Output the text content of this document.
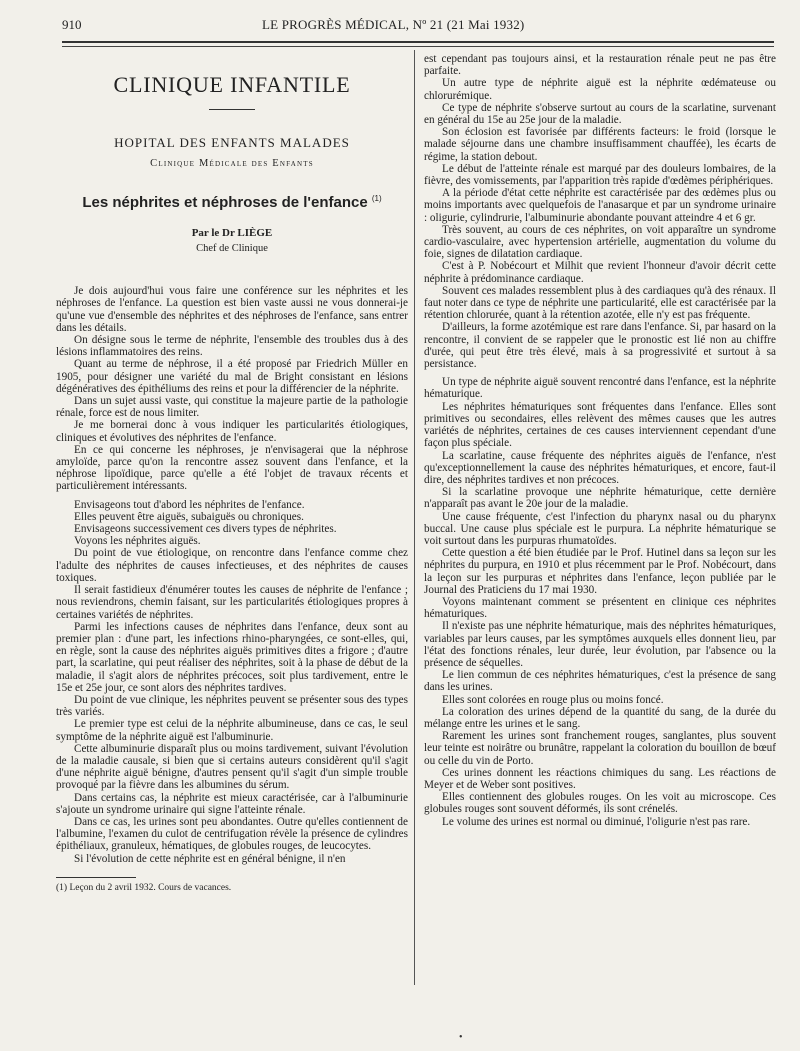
910	LE PROGRÈS MÉDICAL, Nº 21 (21 Mai 1932)
CLINIQUE INFANTILE
HOPITAL DES ENFANTS MALADES
Clinique Médicale des Enfants
Les néphrites et néphroses de l'enfance $^{(1)}$
Par le Dr LIÈGE
Chef de Clinique

Je dois aujourd'hui vous faire une conférence sur les néphrites et les néphroses de l'enfance. La question est bien vaste aussi ne vous donnerai-je qu'une vue d'ensemble des néphrites et des néphroses de l'enfance, sans entrer dans les détails.

On désigne sous le terme de néphrite, l'ensemble des troubles dus à des lésions inflammatoires des reins.

Quant au terme de néphrose, il a été proposé par Friedrich Müller en 1905, pour désigner une variété du mal de Bright consistant en lésions dégénératives des épithéliums des reins et pour la différencier de la néphrite.

Dans un sujet aussi vaste, qui constitue la majeure partie de la pathologie rénale, force est de nous limiter.

Je me bornerai donc à vous indiquer les particularités étiologiques, cliniques et évolutives des néphrites de l'enfance.

En ce qui concerne les néphroses, je n'envisagerai que la néphrose amyloïde, parce qu'on la rencontre assez souvent dans l'enfance, et la néphrose lipoïdique, parce qu'elle a été l'objet de travaux récents et particulièrement intéressants.

Envisageons tout d'abord les néphrites de l'enfance.

Elles peuvent être aiguës, subaiguës ou chroniques.

Envisageons successivement ces divers types de néphrites.

Voyons les néphrites aiguës.

Du point de vue étiologique, on rencontre dans l'enfance comme chez l'adulte des néphrites de causes infectieuses, et des néphrites de causes toxiques.

Il serait fastidieux d'énumérer toutes les causes de néphrite de l'enfance ; nous reviendrons, chemin faisant, sur les particularités étiologiques propres à certaines variétés de néphrites.

Parmi les infections causes de néphrites dans l'enfance, deux sont au premier plan : d'une part, les infections rhino-pharyngées, ce sont-elles, qui, en règle, sont la cause des néphrites aiguës primitives dites a frigore ; d'autre part, la scarlatine, qui peut réaliser des néphrites, soit à la phase de début de la maladie, il s'agit alors de néphrites précoces, soit plus tardivement, entre le 15e et 25e jour, ce sont alors des néphrites tardives.

Du point de vue clinique, les néphrites peuvent se présenter sous des types très variés.

Le premier type est celui de la néphrite albumineuse, dans ce cas, le seul symptôme de la néphrite aiguë est l'albuminurie.

Cette albuminurie disparaît plus ou moins tardivement, suivant l'évolution de la maladie causale, si bien que si certains auteurs considèrent qu'il s'agit d'une néphrite aiguë bénigne, d'autres pensent qu'il s'agit d'un simple trouble provoqué par la fièvre dans les albumines du sérum.

Dans certains cas, la néphrite est mieux caractérisée, car à l'albuminurie s'ajoute un syndrome urinaire qui signe l'atteinte rénale.

Dans ce cas, les urines sont peu abondantes. Outre qu'elles contiennent de l'albumine, l'examen du culot de centrifugation révèle la présence de cylindres épithéliaux, granuleux, hématiques, de globules rouges, de leucocytes.

Si l'évolution de cette néphrite est en général bénigne, il n'en

(1) Leçon du 2 avril 1932. Cours de vacances.

est cependant pas toujours ainsi, et la restauration rénale peut ne pas être parfaite.

Un autre type de néphrite aiguë est la néphrite œdémateuse ou chlorurémique.

Ce type de néphrite s'observe surtout au cours de la scarlatine, survenant en général du 15e au 25e jour de la maladie.

Son éclosion est favorisée par différents facteurs: le froid (lorsque le malade séjourne dans une chambre insuffisamment chauffée), les écarts de régime, la station debout.

Le début de l'atteinte rénale est marqué par des douleurs lombaires, de la fièvre, des vomissements, par l'apparition très rapide d'œdèmes périphériques.

A la période d'état cette néphrite est caractérisée par des œdèmes plus ou moins importants avec quelquefois de l'anasarque et par un syndrome urinaire : oligurie, cylindrurie, l'albuminurie abondante pouvant atteindre 4 et 6 gr.

Très souvent, au cours de ces néphrites, on voit apparaître un syndrome cardio-vasculaire, avec hypertension artérielle, augmentation du volume du foie, signes de dilatation cardiaque.

C'est à P. Nobécourt et Milhit que revient l'honneur d'avoir décrit cette néphrite à prédominance cardiaque.

Souvent ces malades ressemblent plus à des cardiaques qu'à des rénaux. Il faut noter dans ce type de néphrite une particularité, elle est caractérisée par la rétention chlorurée, quant à la rétention azotée, elle n'y est pas fréquente.

D'ailleurs, la forme azotémique est rare dans l'enfance. Si, par hasard on la rencontre, il convient de se rappeler que le pronostic est lié non au chiffre d'urée, qui peut être très élevé, mais à sa progressivité et surtout à sa persistance.

Un type de néphrite aiguë souvent rencontré dans l'enfance, est la néphrite hématurique.

Les néphrites hématuriques sont fréquentes dans l'enfance. Elles sont primitives ou secondaires, elles relèvent des mêmes causes que les autres variétés de néphrites, certaines de ces causes interviennent cependant d'une façon plus spéciale.

La scarlatine, cause fréquente des néphrites aiguës de l'enfance, n'est qu'exceptionnellement la cause des néphrites hématuriques, et encore, faut-il dire, des néphrites tardives et non précoces.

Si la scarlatine provoque une néphrite hématurique, cette dernière n'apparaît pas avant le 20e jour de la maladie.

Une cause fréquente, c'est l'infection du pharynx nasal ou du pharynx buccal. Une cause plus spéciale est le purpura. La néphrite hématurique se voit surtout dans les purpuras rhumatoïdes.

Cette question a été bien étudiée par le Prof. Hutinel dans sa leçon sur les néphrites du purpura, en 1910 et plus récemment par le Prof. Nobécourt, dans la leçon sur les purpuras et néphrites dans l'enfance, leçon publiée par le Journal des Praticiens du 17 mai 1930.

Voyons maintenant comment se présentent en clinique ces néphrites hématuriques.

Il n'existe pas une néphrite hématurique, mais des néphrites hématuriques, variables par leurs causes, par les symptômes auxquels elles donnent lieu, par l'état des fonctions rénales, leur durée, leur évolution, par l'absence ou la présence de séquelles.

Le lien commun de ces néphrites hématuriques, c'est la présence de sang dans les urines.

Elles sont colorées en rouge plus ou moins foncé.

La coloration des urines dépend de la quantité du sang, de la durée du mélange entre les urines et le sang.

Rarement les urines sont franchement rouges, sanglantes, plus souvent leur teinte est noirâtre ou brunâtre, rappelant la coloration du bouillon de bœuf ou celle du vin de Porto.

Ces urines donnent les réactions chimiques du sang. Les réactions de Meyer et de Weber sont positives.

Elles contiennent des globules rouges. On les voit au microscope. Ces globules rouges sont souvent déformés, ils sont crénelés.

Le volume des urines est normal ou diminué, l'oligurie n'est pas rare.

•
